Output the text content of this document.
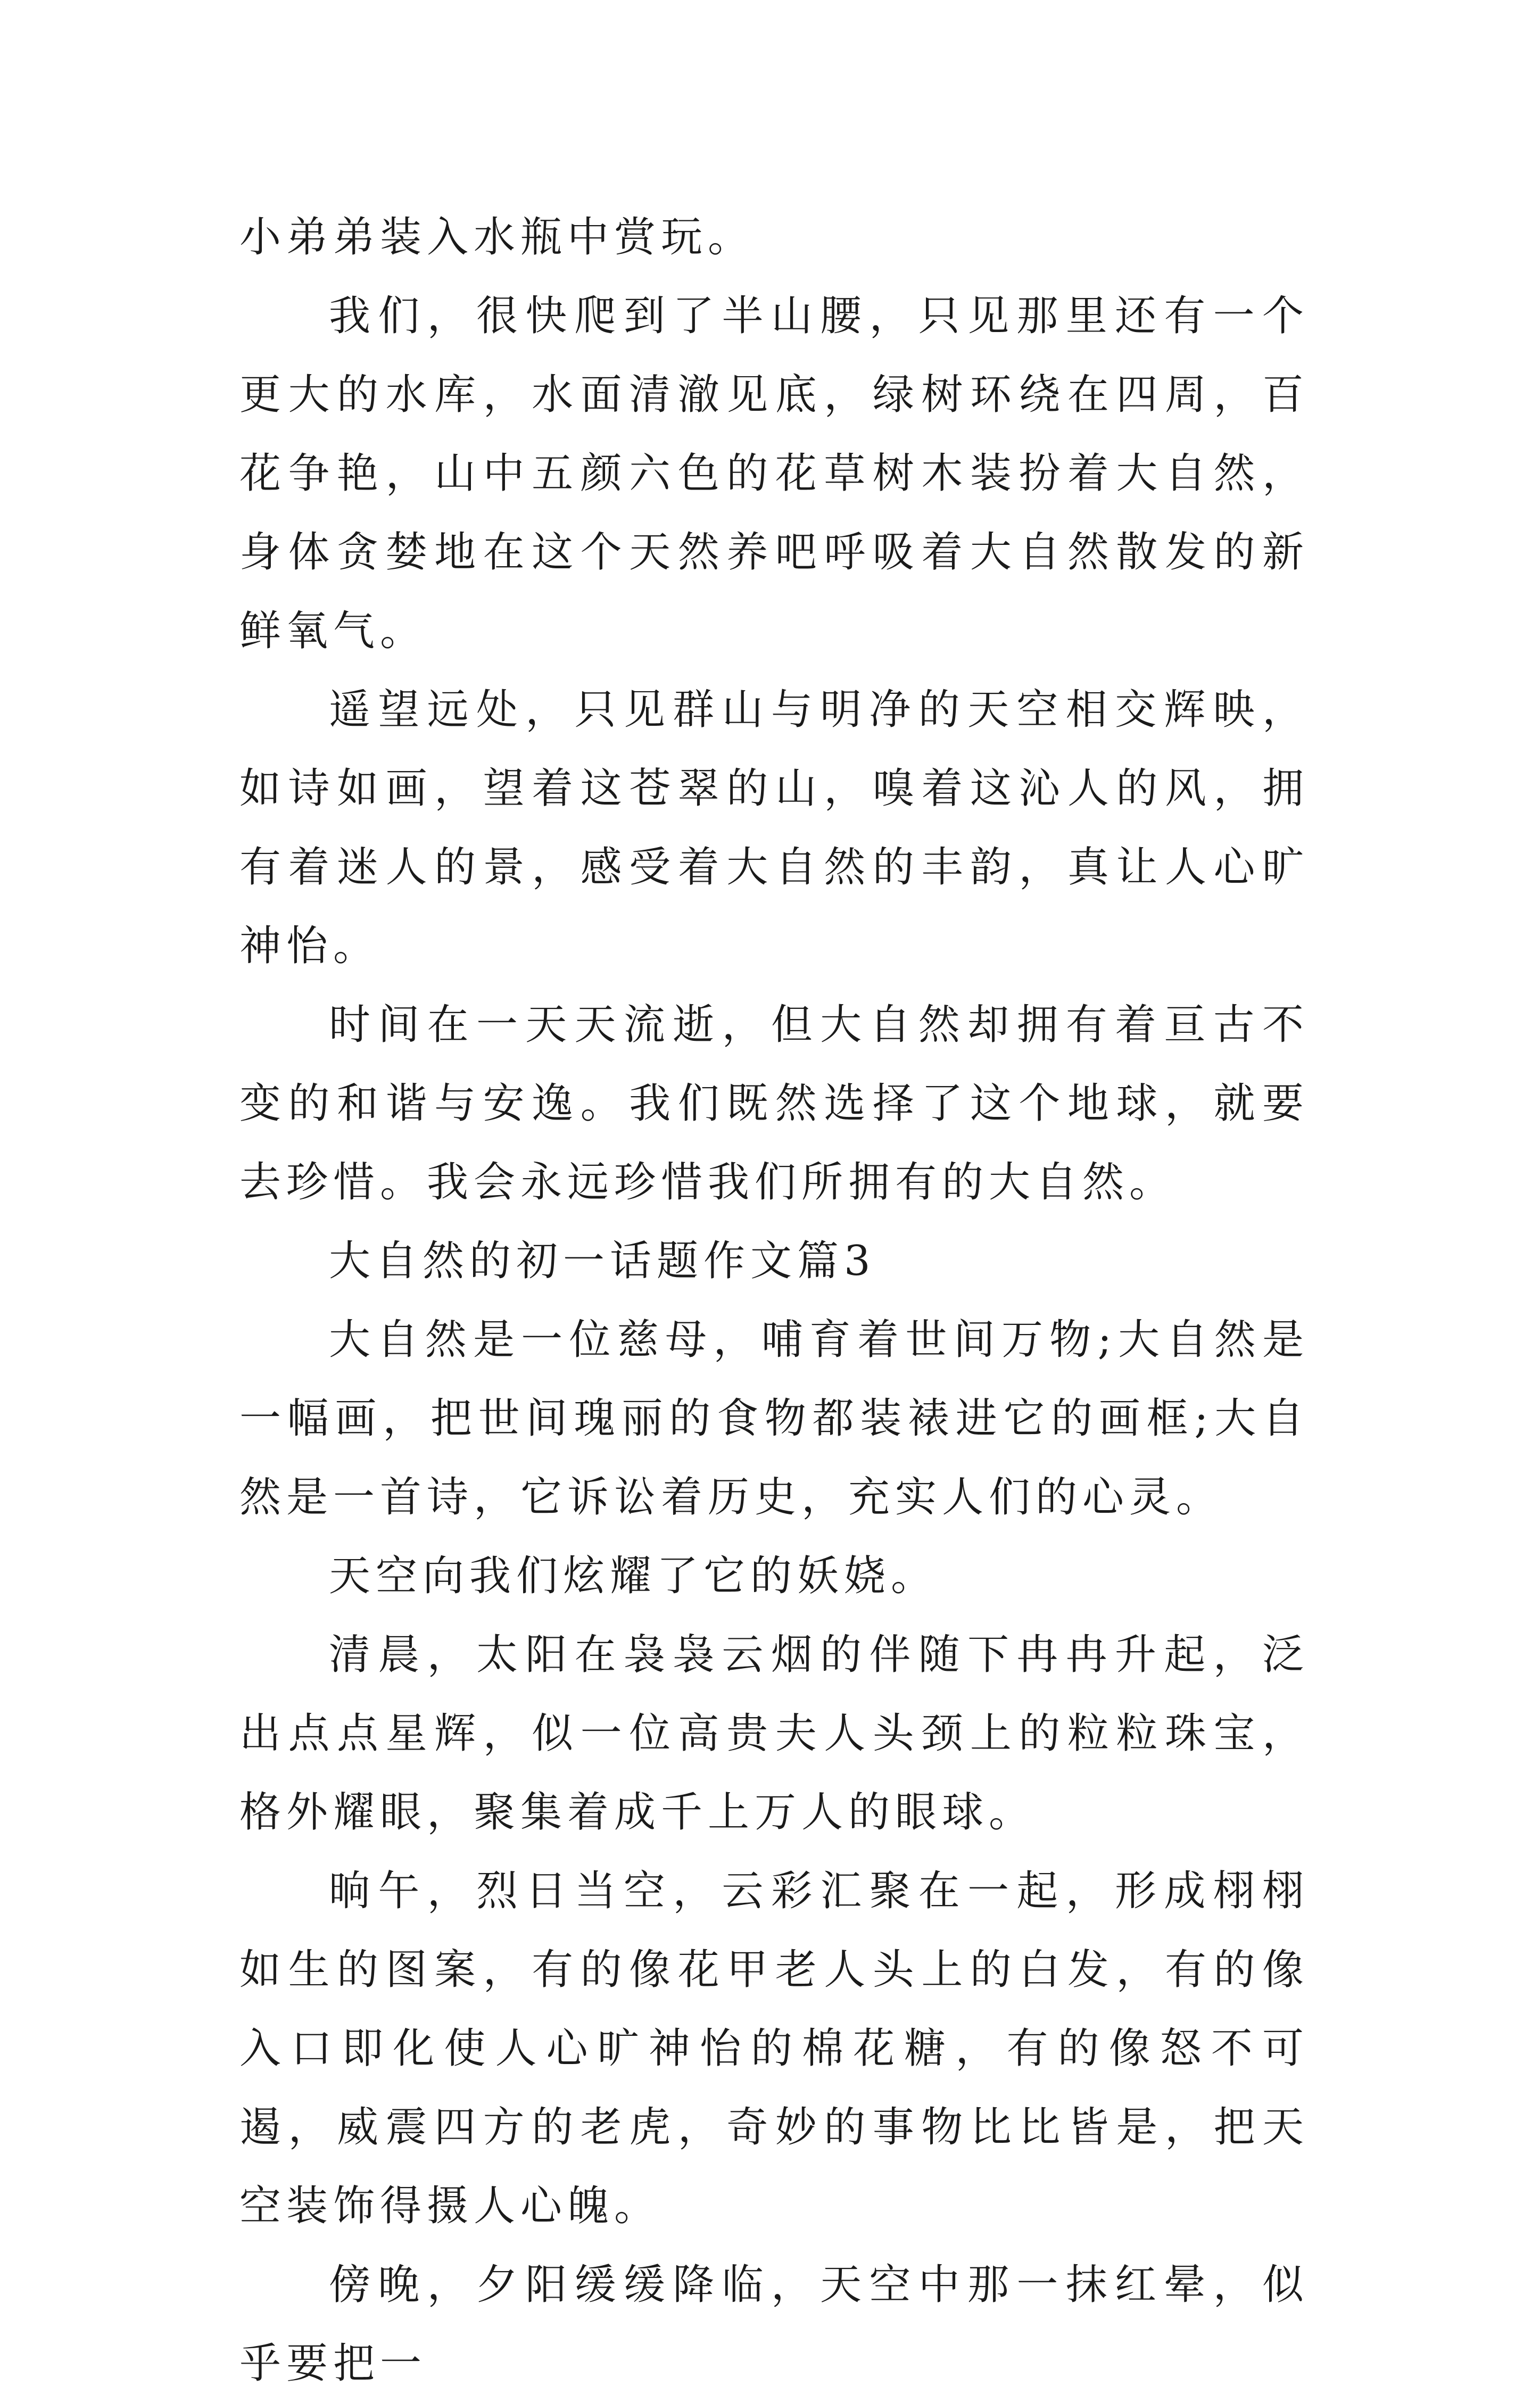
小弟弟装入水瓶中赏玩。

我们，很快爬到了半山腰，只见那里还有一个更大的水库，水面清澈见底，绿树环绕在四周，百花争艳，山中五颜六色的花草树木装扮着大自然，身体贪婪地在这个天然养吧呼吸着大自然散发的新鲜氧气。

遥望远处，只见群山与明净的天空相交辉映，如诗如画，望着这苍翠的山，嗅着这沁人的风，拥有着迷人的景，感受着大自然的丰韵，真让人心旷神怡。

时间在一天天流逝，但大自然却拥有着亘古不变的和谐与安逸。我们既然选择了这个地球，就要去珍惜。我会永远珍惜我们所拥有的大自然。

大自然的初一话题作文篇3

大自然是一位慈母，哺育着世间万物;大自然是一幅画，把世间瑰丽的食物都装裱进它的画框;大自然是一首诗，它诉讼着历史，充实人们的心灵。

天空向我们炫耀了它的妖娆。

清晨，太阳在袅袅云烟的伴随下冉冉升起，泛出点点星辉，似一位高贵夫人头颈上的粒粒珠宝，格外耀眼，聚集着成千上万人的眼球。

晌午，烈日当空，云彩汇聚在一起，形成栩栩如生的图案，有的像花甲老人头上的白发，有的像入口即化使人心旷神怡的棉花糖，有的像怒不可遏，威震四方的老虎，奇妙的事物比比皆是，把天空装饰得摄人心魄。

傍晚，夕阳缓缓降临，天空中那一抹红晕，似乎要把一
